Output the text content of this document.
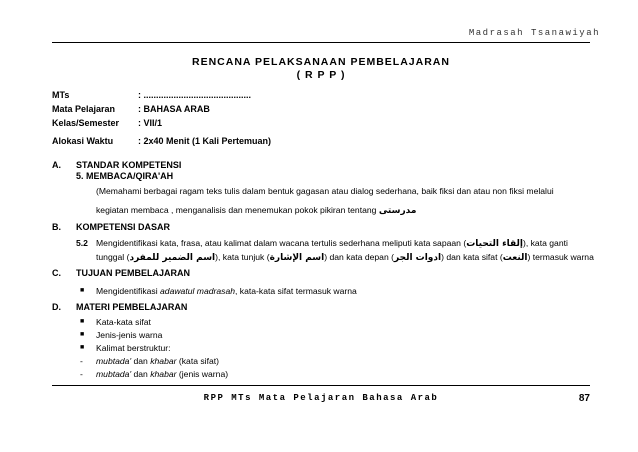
Madrasah Tsanawiyah
RENCANA PELAKSANAAN PEMBELAJARAN
( R P P )
MTs	: ...........................................
Mata Pelajaran	: BAHASA ARAB
Kelas/Semester : VII/1
Alokasi Waktu	: 2x40 Menit (1 Kali Pertemuan)
A. STANDAR KOMPETENSI
5. MEMBACA/QIRA'AH
(Memahami berbagai ragam teks tulis dalam bentuk gagasan atau dialog sederhana, baik fiksi dan atau non fiksi melalui
kegiatan membaca , menganalisis dan menemukan pokok pikiran tentang مدرستى
B. KOMPETENSI DASAR
5.2 Mengidentifikasi kata, frasa, atau kalimat dalam wacana tertulis sederhana meliputi kata sapaan (إلقاء التحيات), kata ganti
tunggal (اسم الضمير للمفرد), kata tunjuk (اسم الإشارة) dan kata depan (ادوات الجر) dan kata sifat (النعت) termasuk warna
C. TUJUAN PEMBELAJARAN
■ Mengidentifikasi adawatul madrasah, kata-kata sifat termasuk warna
D. MATERI PEMBELAJARAN
■ Kata-kata sifat
■ Jenis-jenis warna
■ Kalimat berstruktur:
- mubtada' dan khabar (kata sifat)
- mubtada' dan khabar (jenis warna)
RPP MTs Mata Pelajaran Bahasa Arab	87
